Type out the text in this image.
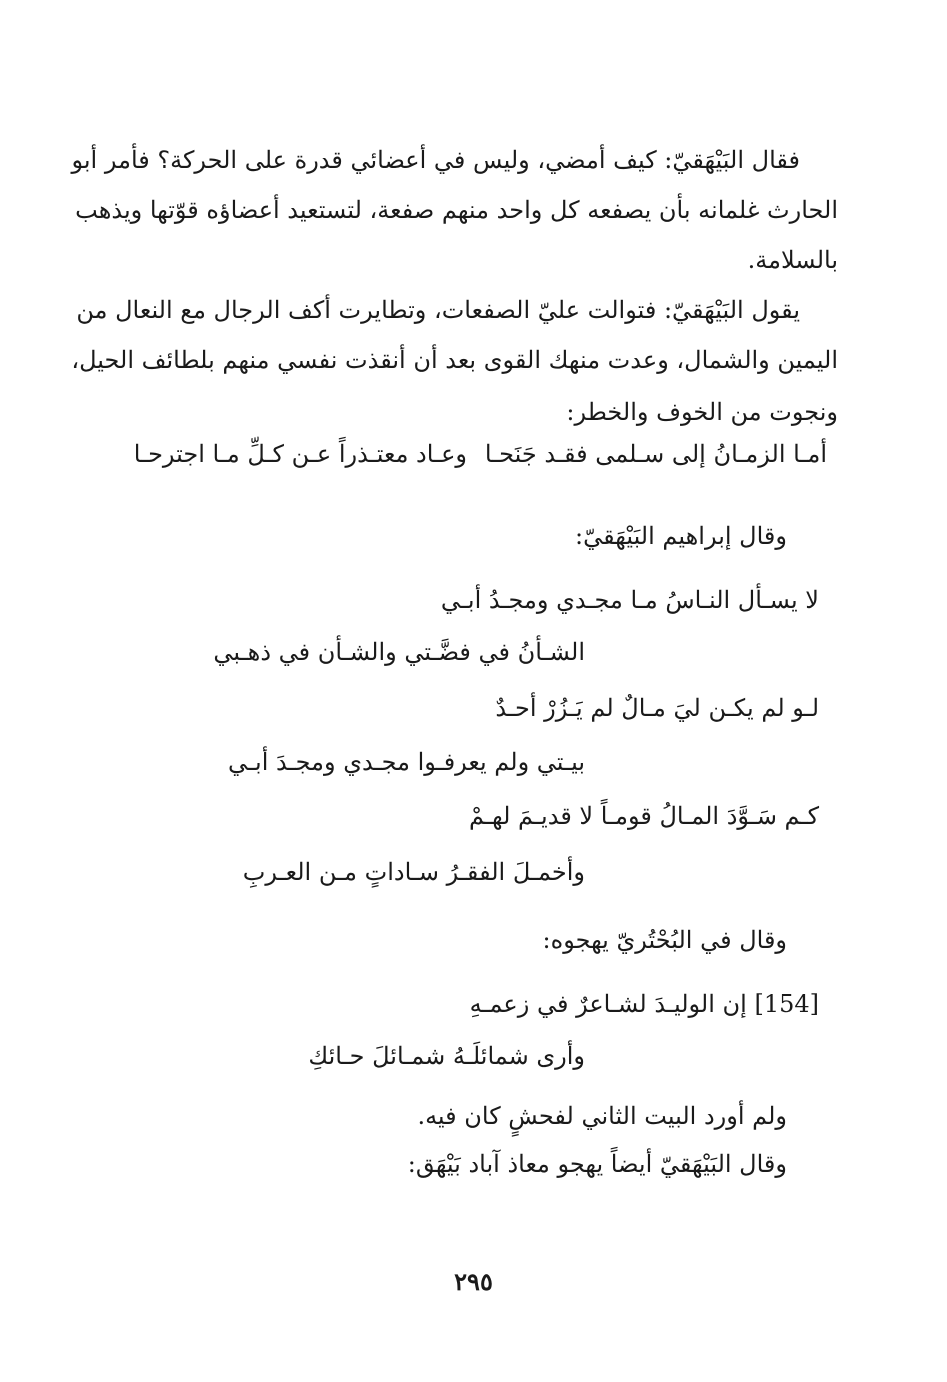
فقال البَيْهَقيّ: كيف أمضي، وليس في أعضائي قدرة على الحركة؟ فأمر أبو
الحارث غلمانه بأن يصفعه كل واحد منهم صفعة، لتستعيد أعضاؤه قوّتها ويذهب
بالسلامة.
يقول البَيْهَقيّ: فتوالت عليّ الصفعات، وتطايرت أكف الرجال مع النعال من
اليمين والشمال، وعدت منهك القوى بعد أن أنقذت نفسي منهم بلطائف الحيل،
ونجوت من الخوف والخطر:
أمـا الزمـانُ إلى سـلمى فقـد جَنَحـا
وعـاد معتـذراً عـن كـلِّ مـا اجترحـا
وقال إبراهيم البَيْهَقيّ:
لا يسـأل النـاسُ مـا مجـدي ومجـدُ أبـي
الشـأنُ في فضَّـتي والشـأن في ذهـبي
لـو لم يكـن ليَ مـالٌ لم يَـزُرْ أحـدٌ
بيـتي ولم يعرفـوا مجـدي ومجـدَ أبـي
كـم سَـوَّدَ المـالُ قومـاً لا قديـمَ لهـمْ
وأخمـلَ الفقـرُ سـاداتٍ مـن العـربِ
وقال في البُحْتُريّ يهجوه:
[154] إن الوليـدَ لشـاعرٌ في زعمـهِ
وأرى شمائلَـهُ شمـائلَ حـائكِ
ولم أورد البيت الثاني لفحشٍ كان فيه.
وقال البَيْهَقيّ أيضاً يهجو معاذ آباد بَيْهَق:
٢٩٥
